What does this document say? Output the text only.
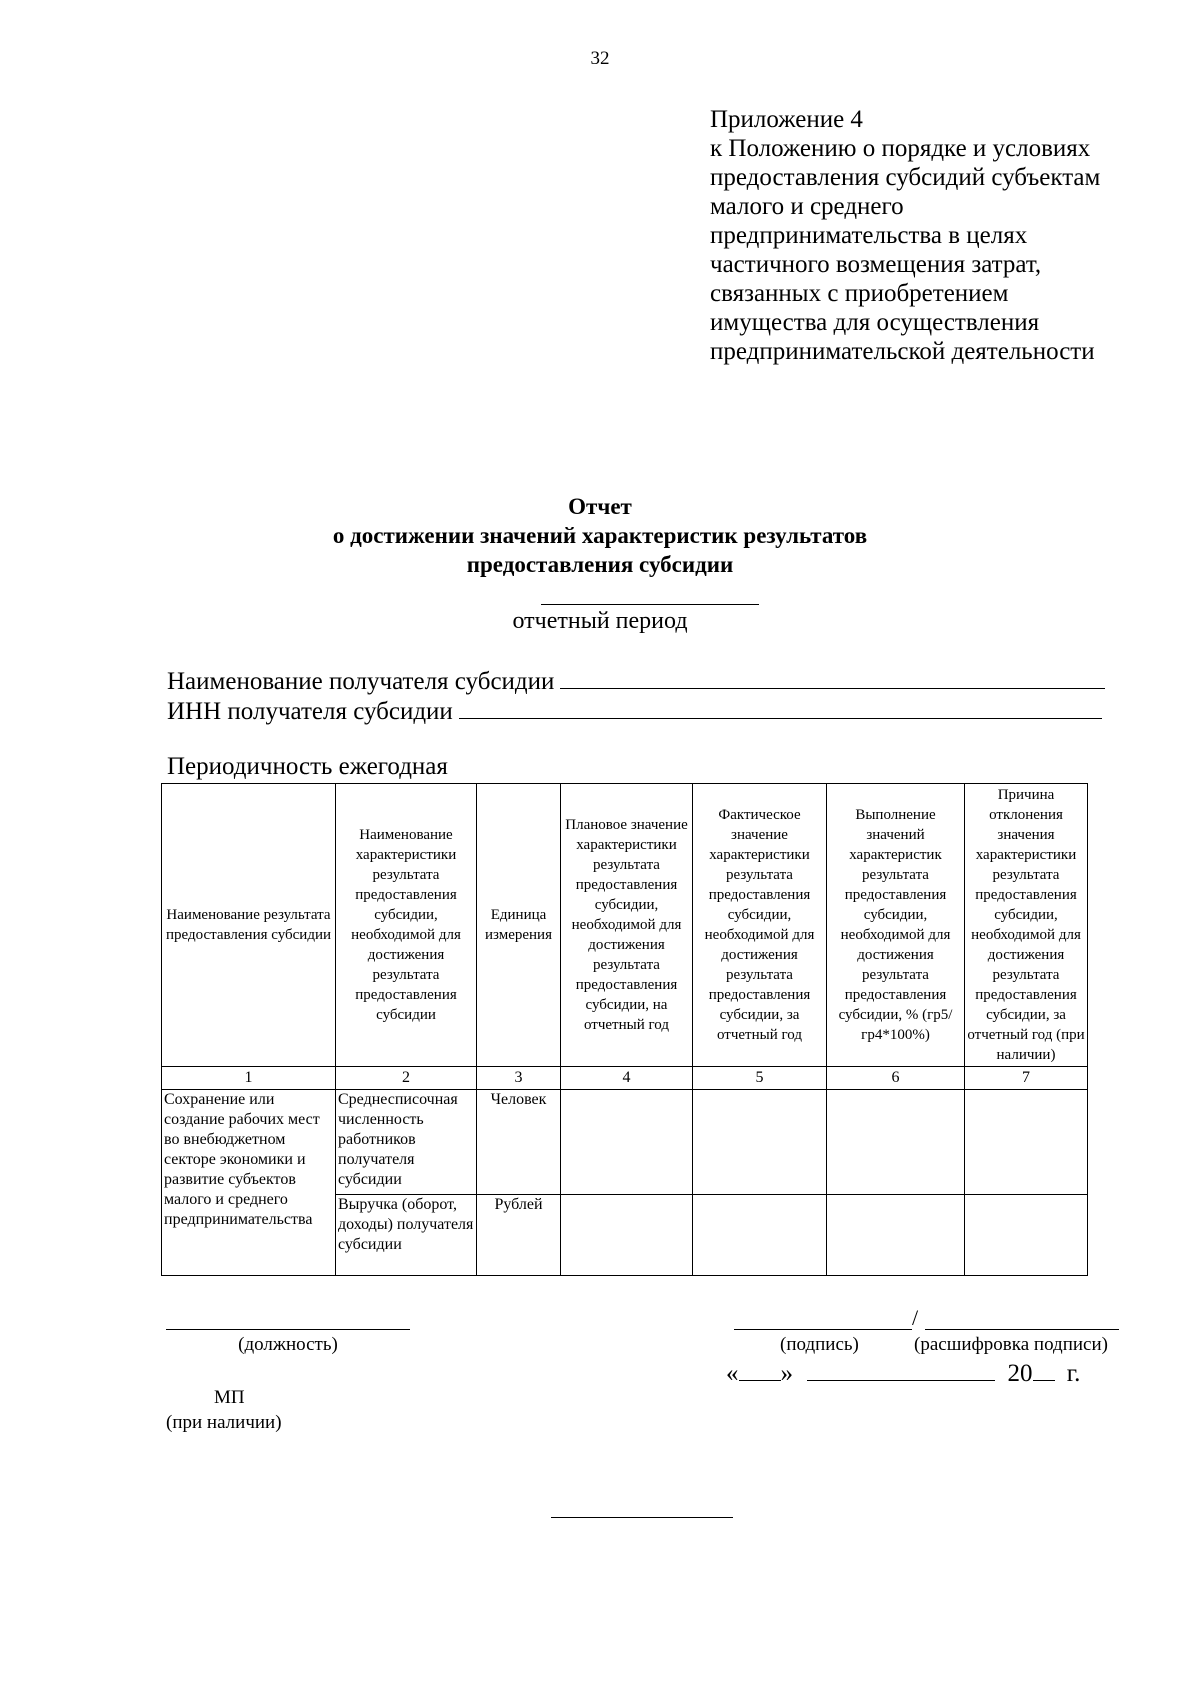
32
Приложение 4
к Положению о порядке и условиях
предоставления субсидий субъектам
малого и среднего
предпринимательства в целях
частичного возмещения затрат,
связанных с приобретением
имущества для осуществления
предпринимательской деятельности
Отчет
о достижении значений характеристик результатов
предоставления субсидии
отчетный период
Наименование получателя субсидии
ИНН получателя субсидии
Периодичность ежегодная
Наименование результата предоставления субсидии	Наименование характеристики результата предоставления субсидии, необходимой для достижения результата предоставления субсидии	Единица измерения	Плановое значение характеристики результата предоставления субсидии, необходимой для достижения результата предоставления субсидии, на отчетный год	Фактическое значение характеристики результата предоставления субсидии, необходимой для достижения результата предоставления субсидии, за отчетный год	Выполнение значений характеристик результата предоставления субсидии, необходимой для достижения результата предоставления субсидии, % (гр5/гр4*100%)	Причина отклонения значения характеристики результата предоставления субсидии, необходимой для достижения результата предоставления субсидии, за отчетный год (при наличии)
1	2	3	4	5	6	7
Сохранение или создание рабочих мест во внебюджетном секторе экономики и развитие субъектов малого и среднего предпринимательства	Среднесписочная численность работников получателя субсидии	Человек				
	Выручка (оборот, доходы) получателя субсидии	Рублей				
(должность)
/
(подпись)	(расшифровка подписи)
« »	20 г.
МП
(при наличии)
